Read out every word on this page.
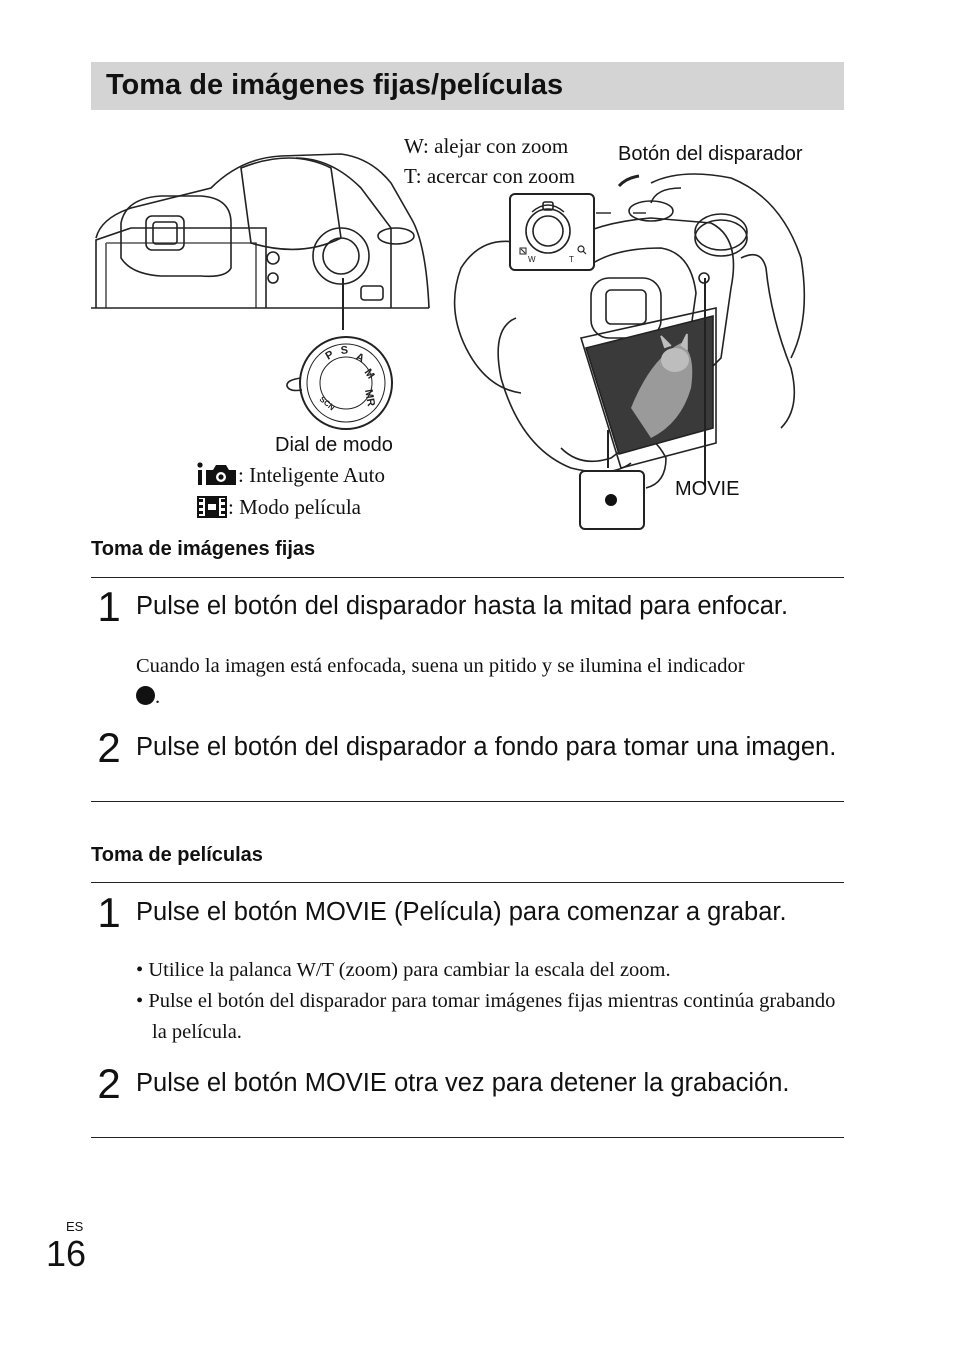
Toma de imágenes fijas/películas
P S
A
M
MR
SCN
W	T
W: alejar con zoom
T: acercar con zoom
Botón del disparador
Dial de modo
: Inteligente Auto
: Modo película
MOVIE
Toma de imágenes fijas
1 Pulse el botón del disparador hasta la mitad para enfocar.
Cuando la imagen está enfocada, suena un pitido y se ilumina el indicador
.
2 Pulse el botón del disparador a fondo para tomar una imagen.
Toma de películas
1 Pulse el botón MOVIE (Película) para comenzar a grabar.
• Utilice la palanca W/T (zoom) para cambiar la escala del zoom.
• Pulse el botón del disparador para tomar imágenes fijas mientras continúa grabando la película.
2 Pulse el botón MOVIE otra vez para detener la grabación.
ES
16
